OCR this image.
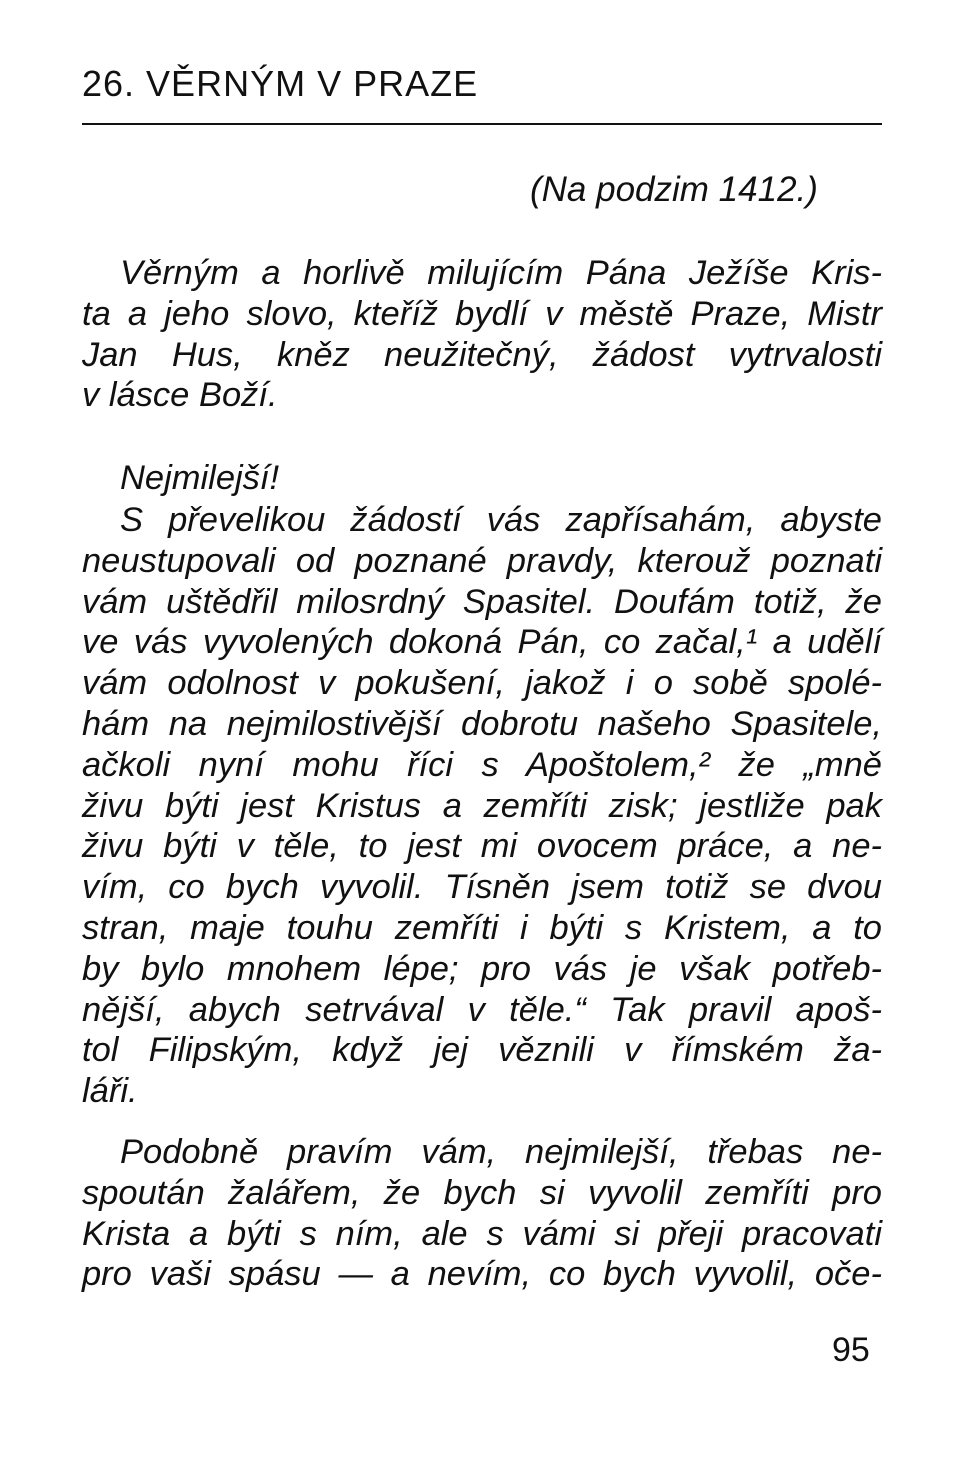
26. VĚRNÝM V PRAZE
(Na podzim 1412.)
Věrným a horlivě milujícím Pána Ježíše Kris-
ta a jeho slovo, kteříž bydlí v městě Praze, Mistr
Jan Hus, kněz neužitečný, žádost vytrvalosti
v lásce Boží.
Nejmilejší!
S převelikou žádostí vás zapřísahám, abyste
neustupovali od poznané pravdy, kterouž poznati
vám uštědřil milosrdný Spasitel. Doufám totiž, že
ve vás vyvolených dokoná Pán, co začal,¹ a udělí
vám odolnost v pokušení, jakož i o sobě spolé-
hám na nejmilostivější dobrotu našeho Spasitele,
ačkoli nyní mohu říci s Apoštolem,² že „mně
živu býti jest Kristus a zemříti zisk; jestliže pak
živu býti v těle, to jest mi ovocem práce, a ne-
vím, co bych vyvolil. Tísněn jsem totiž se dvou
stran, maje touhu zemříti i býti s Kristem, a to
by bylo mnohem lépe; pro vás je však potřeb-
nější, abych setrvával v těle.“ Tak pravil apoš-
tol Filipským, když jej věznili v římském ža-
láři.
Podobně pravím vám, nejmilejší, třebas ne-
spoután žalářem, že bych si vyvolil zemříti pro
Krista a býti s ním, ale s vámi si přeji pracovati
pro vaši spásu — a nevím, co bych vyvolil, oče-
95
